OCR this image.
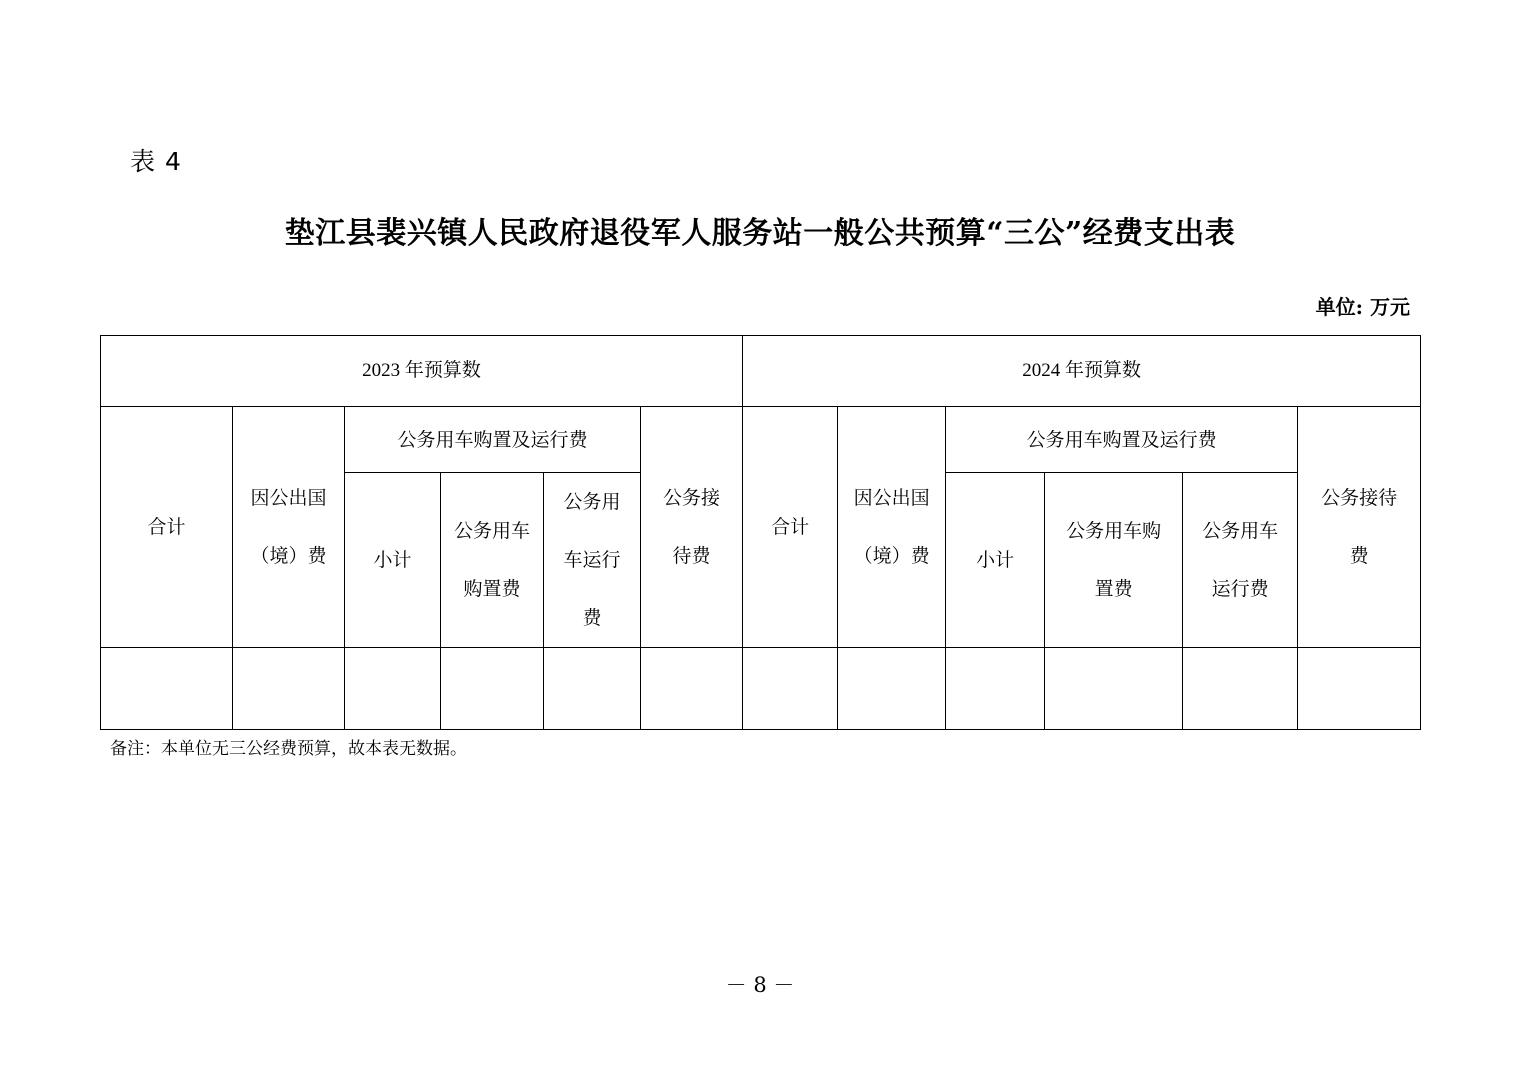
表 4
垫江县裴兴镇人民政府退役军人服务站一般公共预算“三公”经费支出表
单位: 万元
2023 年预算数						2024 年预算数					
合计	因公出国（境）费	公务用车购置及运行费			公务接待费	合计	因公出国（境）费	公务用车购置及运行费			公务接待费
		小计	公务用车购置费	公务用车运行费				小计	公务用车购置费	公务用车运行费	

备注：本单位无三公经费预算，故本表无数据。
－ 8 －
